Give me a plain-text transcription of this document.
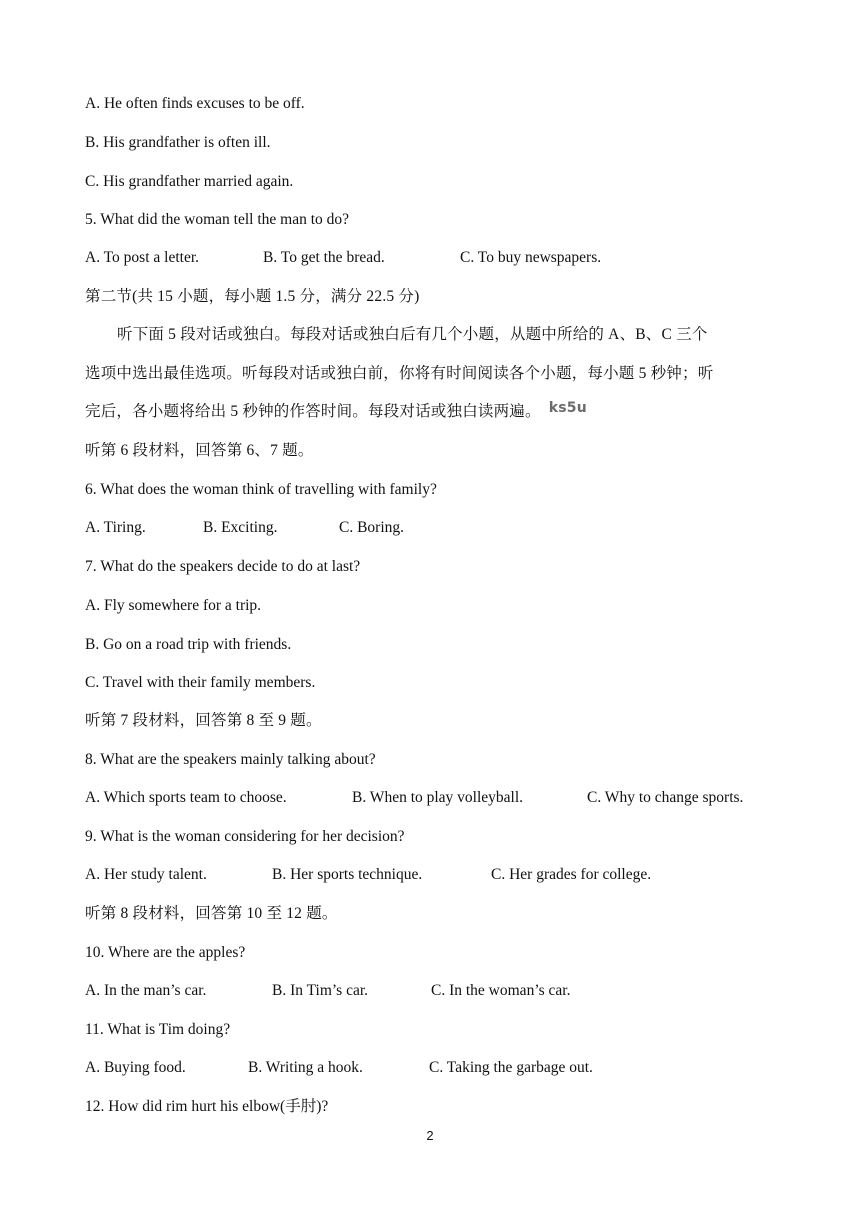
A. He often finds excuses to be off.
B. His grandfather is often ill.
C. His grandfather married again.
5. What did the woman tell the man to do?
A. To post a letter.	B. To get the bread.	C. To buy newspapers.
第二节(共 15 小题，每小题 1.5 分，满分 22.5 分)
听下面 5 段对话或独白。每段对话或独白后有几个小题，从题中所给的 A、B、C 三个
选项中选出最佳选项。听每段对话或独白前，你将有时间阅读各个小题，每小题 5 秒钟；听
完后，各小题将给出 5 秒钟的作答时间。每段对话或独白读两遍。 ks5u
听第 6 段材料，回答第 6、7 题。
6. What does the woman think of travelling with family?
A. Tiring.	B. Exciting.	C. Boring.
7. What do the speakers decide to do at last?
A. Fly somewhere for a trip.
B. Go on a road trip with friends.
C. Travel with their family members.
听第 7 段材料，回答第 8 至 9 题。
8. What are the speakers mainly talking about?
A. Which sports team to choose.	B. When to play volleyball.	C. Why to change sports.
9. What is the woman considering for her decision?
A. Her study talent.	B. Her sports technique.	C. Her grades for college.
听第 8 段材料，回答第 10 至 12 题。
10. Where are the apples?
A. In the man’s car.	B. In Tim’s car.	C. In the woman’s car.
11. What is Tim doing?
A. Buying food.	B. Writing a hook.	C. Taking the garbage out.
12. How did rim hurt his elbow(手肘)?
2
